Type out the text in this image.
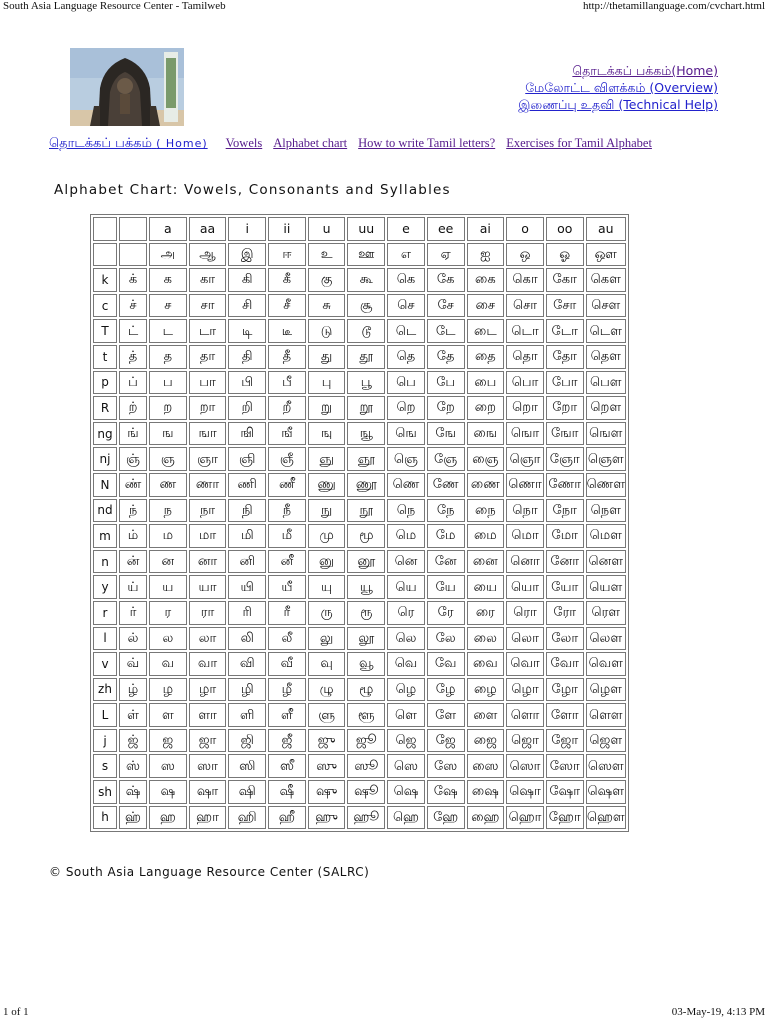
South Asia Language Resource Center - Tamilweb	http://thetamillanguage.com/cvchart.html
தொடக்கப் பக்கம்(Home)
மேலோட்ட விளக்கம் (Overview)
இணைப்பு உதவி (Technical Help)
தொடக்கப் பக்கம் ( Home) Vowels Alphabet chart How to write Tamil letters? Exercises for Tamil Alphabet
Alphabet Chart: Vowels, Consonants and Syllables
		a	aa	i	ii	u	uu	e	ee	ai	o	oo	au
		அ	ஆ	இ	ஈ	உ	ஊ	எ	ஏ	ஐ	ஒ	ஓ	ஔ
k	க்	க	கா	கி	கீ	கு	கூ	கெ	கே	கை	கொ	கோ	கௌ
c	ச்	ச	சா	சி	சீ	சு	சூ	செ	சே	சை	சொ	சோ	சௌ
T	ட்	ட	டா	டி	டீ	டு	டூ	டெ	டே	டை	டொ	டோ	டௌ
t	த்	த	தா	தி	தீ	து	தூ	தெ	தே	தை	தொ	தோ	தௌ
p	ப்	ப	பா	பி	பீ	பு	பூ	பெ	பே	பை	பொ	போ	பௌ
R	ற்	ற	றா	றி	றீ	று	றூ	றெ	றே	றை	றொ	றோ	றௌ
ng	ங்	ங	ஙா	ஙி	ஙீ	ஙு	ஙூ	ஙெ	ஙே	ஙை	ஙொ	ஙோ	ஙௌ
nj	ஞ்	ஞ	ஞா	ஞி	ஞீ	ஞு	ஞூ	ஞெ	ஞே	ஞை	ஞொ	ஞோ	ஞௌ
N	ண்	ண	ணா	ணி	ணீ	ணு	ணூ	ணெ	ணே	ணை	ணொ	ணோ	ணௌ
nd	ந்	ந	நா	நி	நீ	நு	நூ	நெ	நே	நை	நொ	நோ	நௌ
m	ம்	ம	மா	மி	மீ	மு	மூ	மெ	மே	மை	மொ	மோ	மௌ
n	ன்	ன	னா	னி	னீ	னு	னூ	னெ	னே	னை	னொ	னோ	னௌ
y	ய்	ய	யா	யி	யீ	யு	யூ	யெ	யே	யை	யொ	யோ	யௌ
r	ர்	ர	ரா	ரி	ரீ	ரு	ரூ	ரெ	ரே	ரை	ரொ	ரோ	ரௌ
l	ல்	ல	லா	லி	லீ	லு	லூ	லெ	லே	லை	லொ	லோ	லௌ
v	வ்	வ	வா	வி	வீ	வு	வூ	வெ	வே	வை	வொ	வோ	வௌ
zh	ழ்	ழ	ழா	ழி	ழீ	ழு	ழூ	ழெ	ழே	ழை	ழொ	ழோ	ழௌ
L	ள்	ள	ளா	ளி	ளீ	ளு	ளூ	ளெ	ளே	ளை	ளொ	ளோ	ளௌ
j	ஜ்	ஜ	ஜா	ஜி	ஜீ	ஜு	ஜூ	ஜெ	ஜே	ஜை	ஜொ	ஜோ	ஜௌ
s	ஸ்	ஸ	ஸா	ஸி	ஸீ	ஸு	ஸூ	ஸெ	ஸே	ஸை	ஸொ	ஸோ	ஸௌ
sh	ஷ்	ஷ	ஷா	ஷி	ஷீ	ஷு	ஷூ	ஷெ	ஷே	ஷை	ஷொ	ஷோ	ஷௌ
h	ஹ்	ஹ	ஹா	ஹி	ஹீ	ஹு	ஹூ	ஹெ	ஹே	ஹை	ஹொ	ஹோ	ஹௌ
© South Asia Language Resource Center (SALRC)
1 of 1	03-May-19, 4:13 PM
